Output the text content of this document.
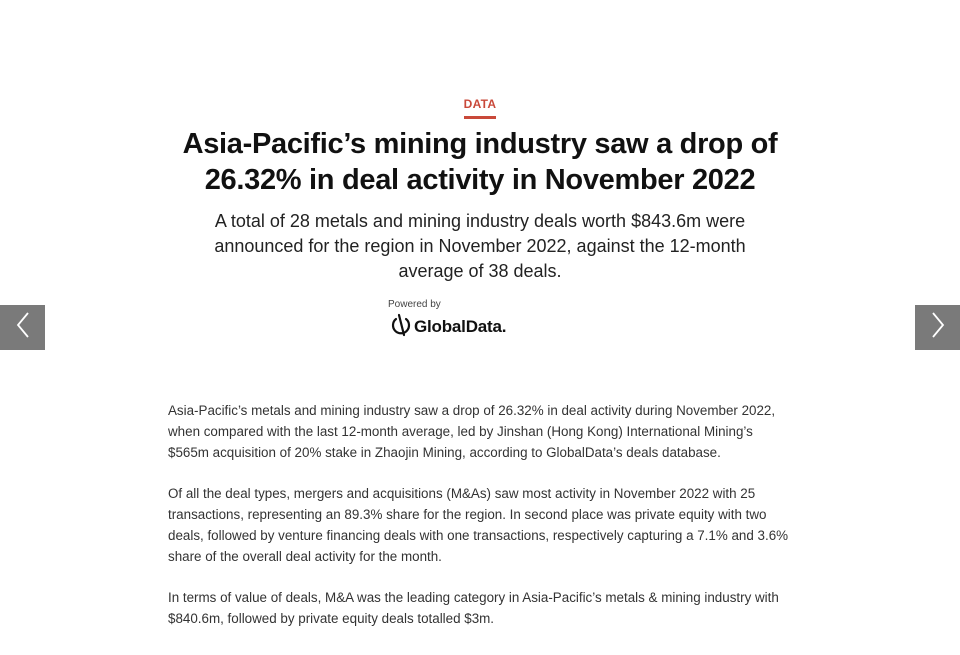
DATA
Asia-Pacific’s mining industry saw a drop of 26.32% in deal activity in November 2022

A total of 28 metals and mining industry deals worth $843.6m were announced for the region in November 2022, against the 12-month average of 38 deals.

Powered by
GlobalData.

Asia-Pacific’s metals and mining industry saw a drop of 26.32% in deal activity during November 2022, when compared with the last 12-month average, led by Jinshan (Hong Kong) International Mining’s $565m acquisition of 20% stake in Zhaojin Mining, according to GlobalData’s deals database.

Of all the deal types, mergers and acquisitions (M&As) saw most activity in November 2022 with 25 transactions, representing an 89.3% share for the region. In second place was private equity with two deals, followed by venture financing deals with one transactions, respectively capturing a 7.1% and 3.6% share of the overall deal activity for the month.

In terms of value of deals, M&A was the leading category in Asia-Pacific’s metals & mining industry with $840.6m, followed by private equity deals totalled $3m.
